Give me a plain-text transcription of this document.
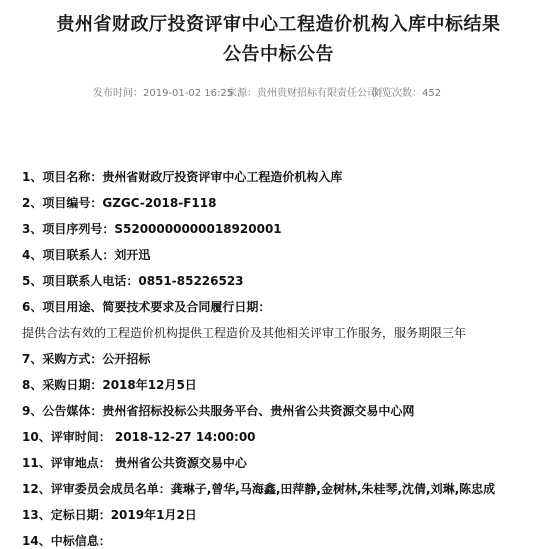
贵州省财政厅投资评审中心工程造价机构入库中标结果
公告中标公告
发布时间：2019-01-02 16:25
来源：贵州贵财招标有限责任公司
浏览次数：452
1、项目名称：贵州省财政厅投资评审中心工程造价机构入库
2、项目编号：GZGC-2018-F118
3、项目序列号：S5200000000018920001
4、项目联系人：刘开迅
5、项目联系人电话：0851-85226523
6、项目用途、简要技术要求及合同履行日期：
提供合法有效的工程造价机构提供工程造价及其他相关评审工作服务，服务期限三年
7、采购方式：公开招标
8、采购日期：2018年12月5日
9、公告媒体：贵州省招标投标公共服务平台、贵州省公共资源交易中心网
10、评审时间： 2018-12-27 14:00:00
11、评审地点： 贵州省公共资源交易中心
12、评审委员会成员名单：龚琳子,曾华,马海鑫,田萍静,金树林,朱桂琴,沈倩,刘琳,陈忠成
13、定标日期：2019年1月2日
14、中标信息：
